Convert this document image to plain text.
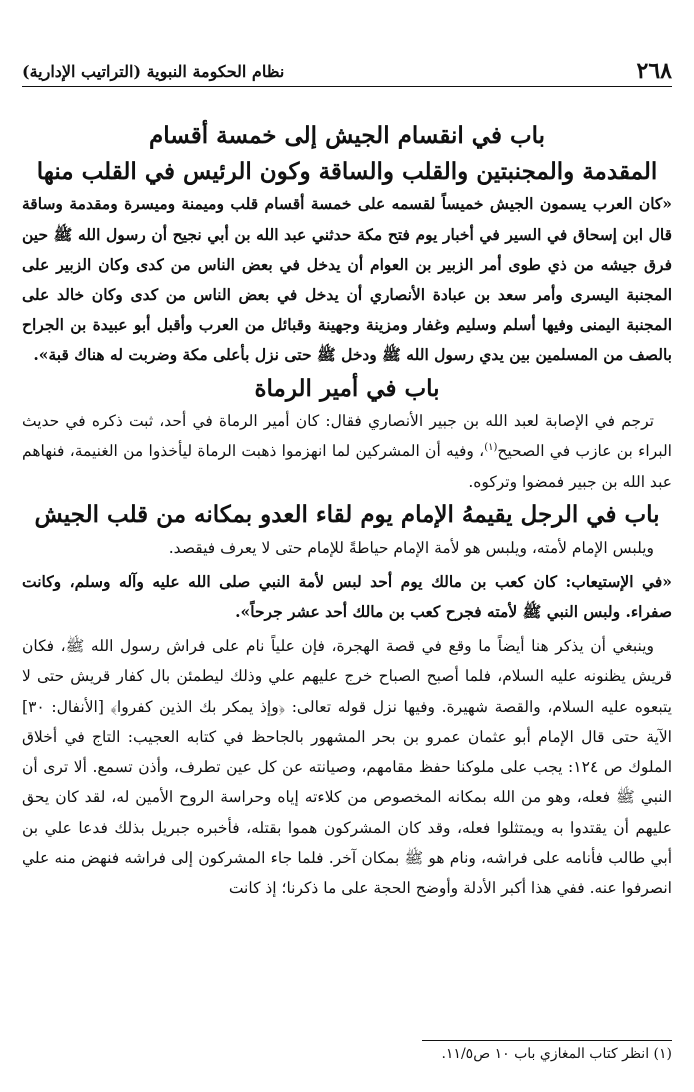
٢٦٨
نظام الحكومة النبوية (التراتيب الإدارية)
باب في انقسام الجيش إلى خمسة أقسام
المقدمة والمجنبتين والقلب والساقة وكون الرئيس في القلب منها

«كان العرب يسمون الجيش خميساً لقسمه على خمسة أقسام قلب وميمنة وميسرة ومقدمة وساقة قال ابن إسحاق في السير في أخبار يوم فتح مكة حدثني عبد الله بن أبي نجيح أن رسول الله ﷺ حين فرق جيشه من ذي طوى أمر الزبير بن العوام أن يدخل في بعض الناس من كدى وكان الزبير على المجنبة اليسرى وأمر سعد بن عبادة الأنصاري أن يدخل في بعض الناس من كدى وكان خالد على المجنبة اليمنى وفيها أسلم وسليم وغفار ومزينة وجهينة وقبائل من العرب وأقبل أبو عبيدة بن الجراح بالصف من المسلمين بين يدي رسول الله ﷺ ودخل ﷺ حتى نزل بأعلى مكة وضربت له هناك قبة».

باب في أمير الرماة

ترجم في الإصابة لعبد الله بن جبير الأنصاري فقال: كان أمير الرماة في أحد، ثبت ذكره في حديث البراء بن عازب في الصحيح$^{(١)}$، وفيه أن المشركين لما انهزموا ذهبت الرماة ليأخذوا من الغنيمة، فنهاهم عبد الله بن جبير فمضوا وتركوه.

باب في الرجل يقيمهُ الإمام يوم لقاء العدو بمكانه من قلب الجيش

ويلبس الإمام لأمته، ويلبس هو لأمة الإمام حياطةً للإمام حتى لا يعرف فيقصد.

«في الإستيعاب: كان كعب بن مالك يوم أحد لبس لأمة النبي صلى الله عليه وآله وسلم، وكانت صفراء. ولبس النبي ﷺ لأمته فجرح كعب بن مالك أحد عشر جرحاً».

وينبغي أن يذكر هنا أيضاً ما وقع في قصة الهجرة، فإن علياً نام على فراش رسول الله ﷺ، فكان قريش يظنونه عليه السلام، فلما أصبح الصباح خرج عليهم علي وذلك ليطمئن بال كفار قريش حتى لا يتبعوه عليه السلام، والقصة شهيرة. وفيها نزل قوله تعالى: ﴿وإذ يمكر بك الذين كفروا﴾ [الأنفال: ٣٠] الآية حتى قال الإمام أبو عثمان عمرو بن بحر المشهور بالجاحظ في كتابه العجيب: التاج في أخلاق الملوك ص ١٢٤: يجب على ملوكنا حفظ مقامهم، وصيانته عن كل عين تطرف، وأذن تسمع. ألا ترى أن النبي ﷺ فعله، وهو من الله بمكانه المخصوص من كلاءته إياه وحراسة الروح الأمين له، لقد كان يحق عليهم أن يقتدوا به ويمتثلوا فعله، وقد كان المشركون هموا بقتله، فأخبره جبريل بذلك فدعا علي بن أبي طالب فأنامه على فراشه، ونام هو ﷺ بمكان آخر. فلما جاء المشركون إلى فراشه فنهض منه علي انصرفوا عنه. ففي هذا أكبر الأدلة وأوضح الحجة على ما ذكرنا؛ إذ كانت

(١) انظر كتاب المغازي باب ١٠ ص١١/٥.
